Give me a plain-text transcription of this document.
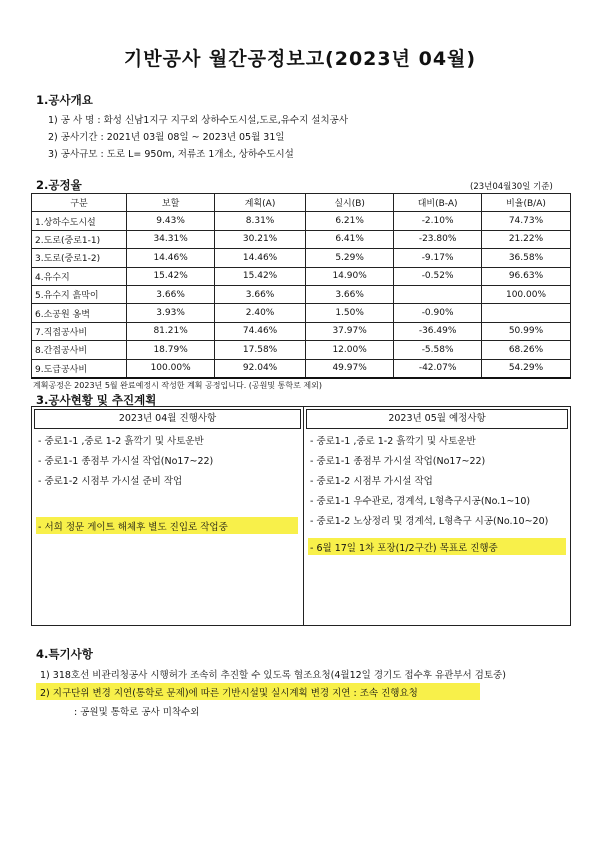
기반공사 월간공정보고(2023년 04월)
1.공사개요
1) 공 사 명 : 화성 신남1지구 지구외 상하수도시설,도로,유수지 설치공사
2) 공사기간 : 2021년 03월 08일 ~ 2023년 05월 31일
3) 공사규모 : 도로 L= 950m, 저류조 1개소, 상하수도시설
2.공정율	(23년04월30일 기준)
구분	보할	계획(A)	실시(B)	대비(B-A)	비율(B/A)
1.상하수도시설	9.43%	8.31%	6.21%	-2.10%	74.73%
2.도로(중로1-1)	34.31%	30.21%	6.41%	-23.80%	21.22%
3.도로(중로1-2)	14.46%	14.46%	5.29%	-9.17%	36.58%
4.유수지	15.42%	15.42%	14.90%	-0.52%	96.63%
5.유수지 흙막이	3.66%	3.66%	3.66%		100.00%
6.소공원 옹벽	3.93%	2.40%	1.50%	-0.90%	
7.직접공사비	81.21%	74.46%	37.97%	-36.49%	50.99%
8.간접공사비	18.79%	17.58%	12.00%	-5.58%	68.26%
9.도급공사비	100.00%	92.04%	49.97%	-42.07%	54.29%
계획공정은 2023년 5월 완료예정시 작성한 계획 공정입니다. (공원및 통학로 제외)
3.공사현황 및 추진계획
2023년 04월 진행사항
- 중로1-1 ,중로 1-2 흙깍기 및 사토운반
- 중로1-1 종점부 가시설 작업(No17~22)
- 중로1-2 시점부 가시설 준비 작업
- 서희 정문 게이트 해체후 별도 진입로 작업중
2023년 05월 예정사항
- 중로1-1 ,중로 1-2 흙깍기 및 사토운반
- 중로1-1 종점부 가시설 작업(No17~22)
- 중로1-2 시점부 가시설 작업
- 중로1-1 우수관로, 경계석, L형측구시공(No.1~10)
- 중로1-2 노상정리 및 경계석, L형측구 시공(No.10~20)
- 6월 17일 1차 포장(1/2구간) 목표로 진행중
4.특기사항
1) 318호선 비관리청공사 시행허가 조속히 추진할 수 있도록 협조요청(4월12일 경기도 접수후 유관부서 검토중)
2) 지구단위 변경 지연(통학로 문제)에 따른 기반시설및 실시계획 변경 지연 : 조속 진행요청
: 공원및 통학로 공사 미착수외
